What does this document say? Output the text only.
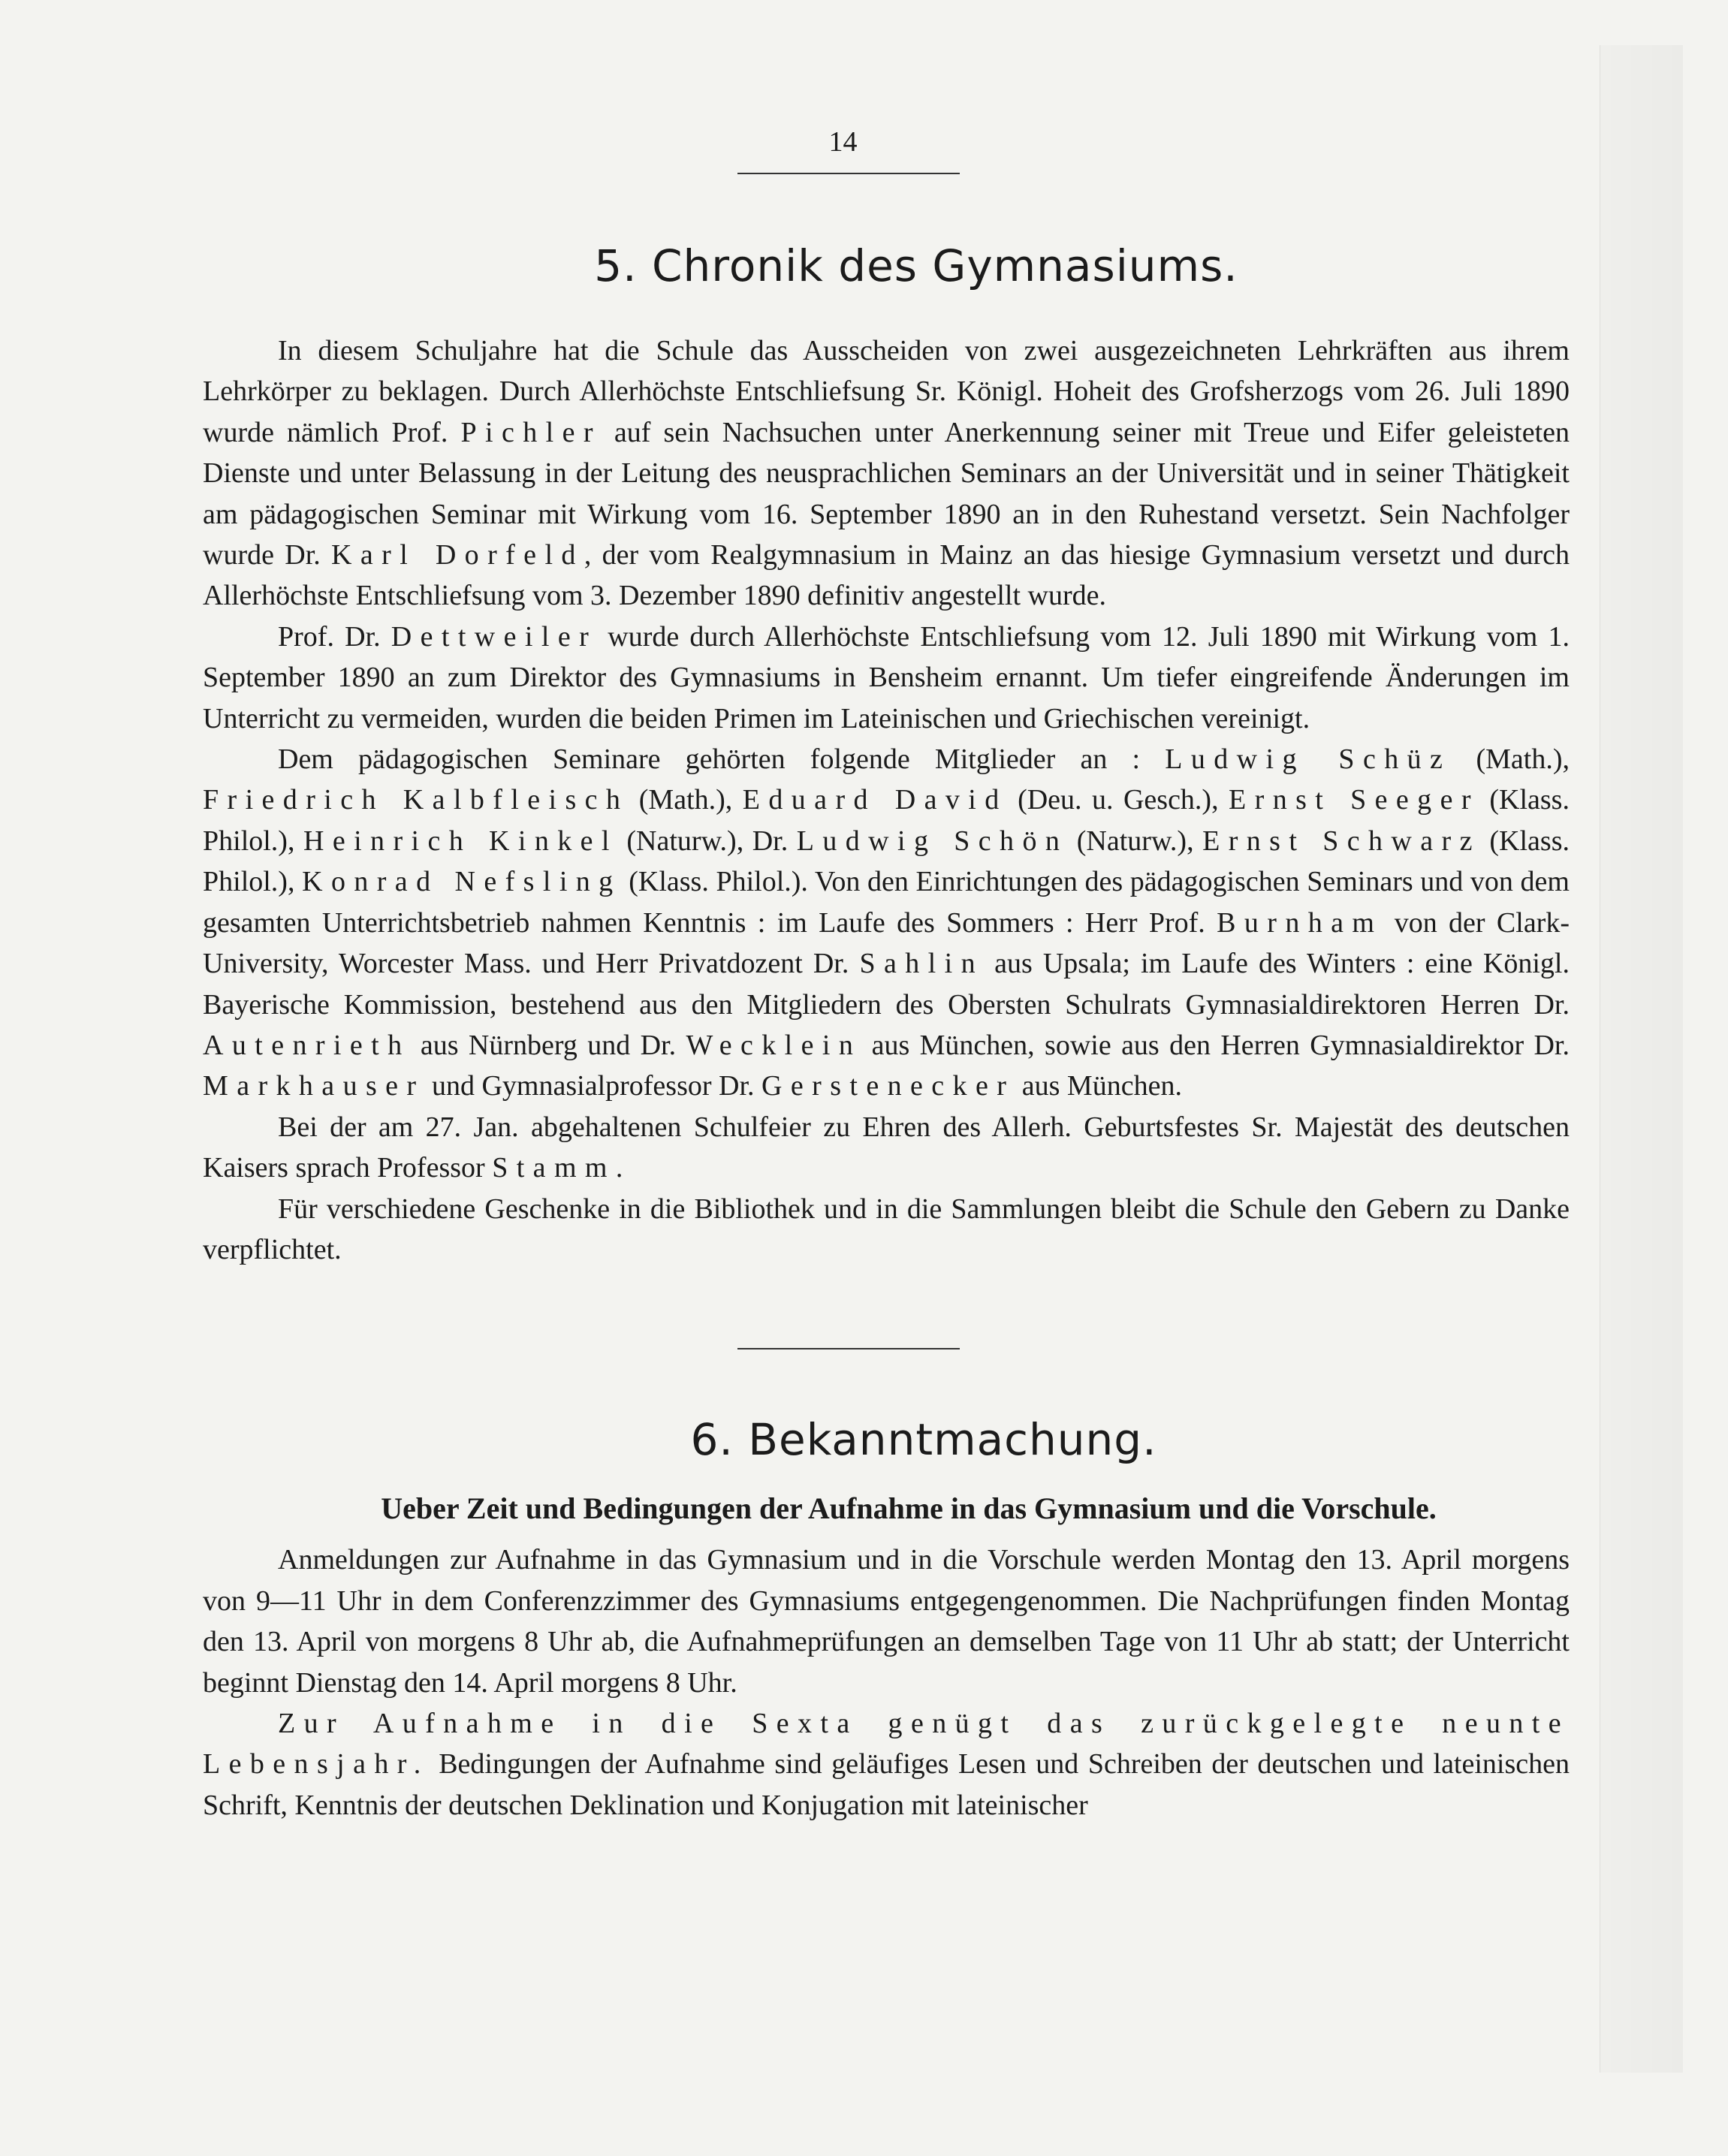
14
5. Chronik des Gymnasiums.

In diesem Schuljahre hat die Schule das Ausscheiden von zwei ausgezeichneten Lehrkräften aus ihrem Lehrkörper zu beklagen. Durch Allerhöchste Entschliefsung Sr. Königl. Hoheit des Grofsherzogs vom 26. Juli 1890 wurde nämlich Prof. Pichler auf sein Nachsuchen unter Anerkennung seiner mit Treue und Eifer geleisteten Dienste und unter Belassung in der Leitung des neusprachlichen Seminars an der Universität und in seiner Thätigkeit am pädagogischen Seminar mit Wirkung vom 16. September 1890 an in den Ruhestand versetzt. Sein Nachfolger wurde Dr. Karl Dorfeld, der vom Realgymnasium in Mainz an das hiesige Gymnasium versetzt und durch Allerhöchste Entschliefsung vom 3. Dezember 1890 definitiv angestellt wurde.

Prof. Dr. Dettweiler wurde durch Allerhöchste Entschliefsung vom 12. Juli 1890 mit Wirkung vom 1. September 1890 an zum Direktor des Gymnasiums in Bensheim ernannt. Um tiefer eingreifende Änderungen im Unterricht zu vermeiden, wurden die beiden Primen im Lateinischen und Griechischen vereinigt.

Dem pädagogischen Seminare gehörten folgende Mitglieder an : Ludwig Schüz (Math.), Friedrich Kalbfleisch (Math.), Eduard David (Deu. u. Gesch.), Ernst Seeger (Klass. Philol.), Heinrich Kinkel (Naturw.), Dr. Ludwig Schön (Naturw.), Ernst Schwarz (Klass. Philol.), Konrad Nefsling (Klass. Philol.). Von den Einrichtungen des pädagogischen Seminars und von dem gesamten Unterrichtsbetrieb nahmen Kenntnis : im Laufe des Sommers : Herr Prof. Burnham von der Clark-University, Worcester Mass. und Herr Privatdozent Dr. Sahlin aus Upsala; im Laufe des Winters : eine Königl. Bayerische Kommission, bestehend aus den Mitgliedern des Obersten Schulrats Gymnasialdirektoren Herren Dr. Autenrieth aus Nürnberg und Dr. Wecklein aus München, sowie aus den Herren Gymnasialdirektor Dr. Markhauser und Gymnasialprofessor Dr. Gerstenecker aus München.

Bei der am 27. Jan. abgehaltenen Schulfeier zu Ehren des Allerh. Geburtsfestes Sr. Majestät des deutschen Kaisers sprach Professor Stamm.

Für verschiedene Geschenke in die Bibliothek und in die Sammlungen bleibt die Schule den Gebern zu Danke verpflichtet.

6. Bekanntmachung.
Ueber Zeit und Bedingungen der Aufnahme in das Gymnasium und die Vorschule.

Anmeldungen zur Aufnahme in das Gymnasium und in die Vorschule werden Montag den 13. April morgens von 9—11 Uhr in dem Conferenzzimmer des Gymnasiums entgegengenommen. Die Nachprüfungen finden Montag den 13. April von morgens 8 Uhr ab, die Aufnahmeprüfungen an demselben Tage von 11 Uhr ab statt; der Unterricht beginnt Dienstag den 14. April morgens 8 Uhr.

Zur Aufnahme in die Sexta genügt das zurückgelegte neunte Lebensjahr. Bedingungen der Aufnahme sind geläufiges Lesen und Schreiben der deutschen und lateinischen Schrift, Kenntnis der deutschen Deklination und Konjugation mit lateinischer
